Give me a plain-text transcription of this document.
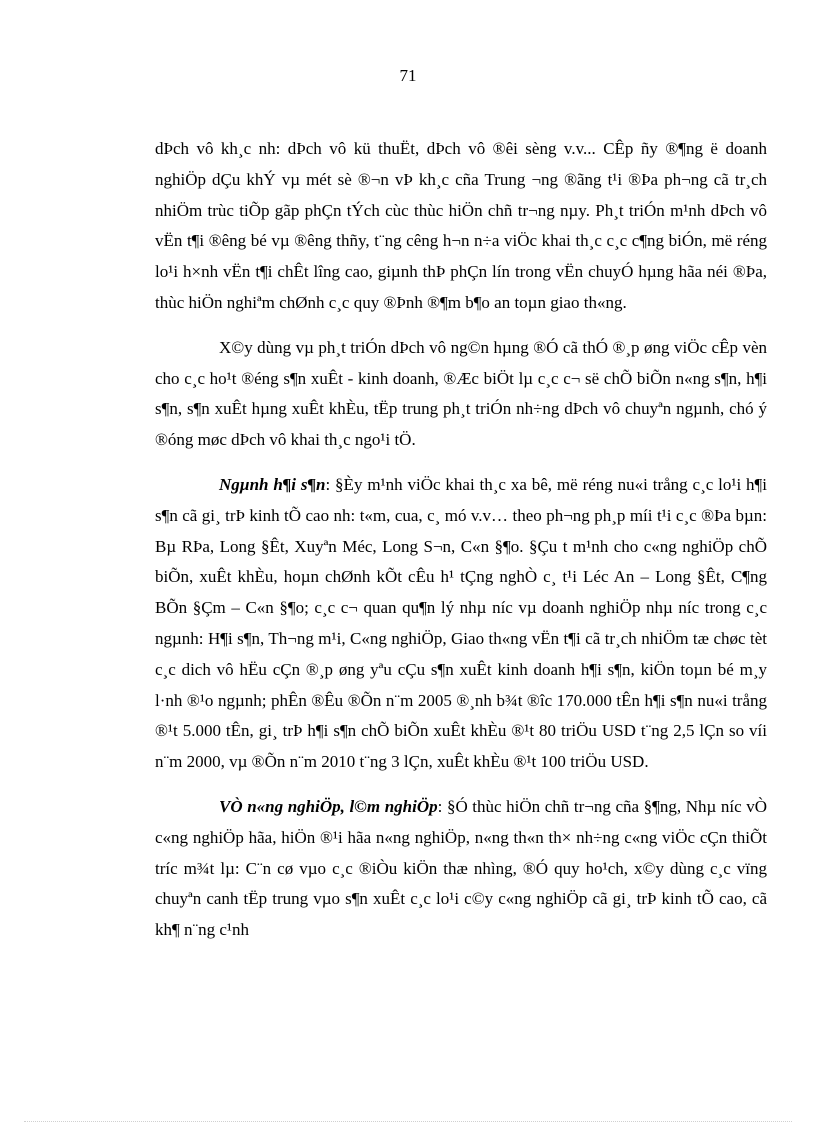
71

dÞch vô kh¸c nh: dÞch vô kü thuËt, dÞch vô ®êi sèng v.v... CÊp ñy ®¶ng ë doanh nghiÖp dÇu khÝ vµ mét sè ®¬n vÞ kh¸c cña Trung ¬ng ®ãng t¹i ®Þa ph¬ng cã tr¸ch nhiÖm trùc tiÕp gãp phÇn tÝch cùc thùc hiÖn chñ tr¬ng nµy. Ph¸t triÓn m¹nh dÞch vô vËn t¶i ®êng bé vµ ®êng thñy, t¨ng cêng h¬n n÷a viÖc khai th¸c c¸c c¶ng biÓn, më réng lo¹i h×nh vËn t¶i chÊt lîng cao, giµnh thÞ phÇn lín trong vËn chuyÓ hµng hãa néi ®Þa, thùc hiÖn nghiªm chØnh c¸c quy ®Þnh ®¶m b¶o an toµn giao th«ng.

X©y dùng vµ ph¸t triÓn dÞch vô ng©n hµng ®Ó cã thÓ ®¸p øng viÖc cÊp vèn cho c¸c ho¹t ®éng s¶n xuÊt - kinh doanh, ®Æc biÖt lµ c¸c c¬ së chÕ biÕn n«ng s¶n, h¶i s¶n, s¶n xuÊt hµng xuÊt khÈu, tËp trung ph¸t triÓn nh÷ng dÞch vô chuyªn ngµnh, chó ý ®óng møc dÞch vô khai th¸c ngo¹i tÖ.

Ngµnh h¶i s¶n: §Èy m¹nh viÖc khai th¸c xa bê, më réng nu«i trång c¸c lo¹i h¶i s¶n cã gi¸ trÞ kinh tÕ cao nh: t«m, cua, c¸ mó v.v… theo ph¬ng ph¸p míi t¹i c¸c ®Þa bµn: Bµ RÞa, Long §Êt, Xuyªn Méc, Long S¬n, C«n §¶o. §Çu t m¹nh cho c«ng nghiÖp chÕ biÕn, xuÊt khÈu, hoµn chØnh kÕt cÊu h¹ tÇng nghÒ c¸ t¹i Léc An – Long §Êt, C¶ng BÕn §Çm – C«n §¶o; c¸c c¬ quan qu¶n lý nhµ níc vµ doanh nghiÖp nhµ níc trong c¸c ngµnh: H¶i s¶n, Th¬ng m¹i, C«ng nghiÖp, Giao th«ng vËn t¶i cã tr¸ch nhiÖm tæ chøc tèt c¸c dich vô hËu cÇn ®¸p øng yªu cÇu s¶n xuÊt kinh doanh h¶i s¶n, kiÖn toµn bé m¸y l·nh ®¹o ngµnh; phÊn ®Êu ®Õn n¨m 2005 ®¸nh b¾t ®îc 170.000 tÊn h¶i s¶n nu«i trång ®¹t 5.000 tÊn, gi¸ trÞ h¶i s¶n chÕ biÕn xuÊt khÈu ®¹t 80 triÖu USD t¨ng 2,5 lÇn so víi n¨m 2000, vµ ®Õn n¨m 2010 t¨ng 3 lÇn, xuÊt khÈu ®¹t 100 triÖu USD.

VÒ n«ng nghiÖp, l©m nghiÖp: §Ó thùc hiÖn chñ tr¬ng cña §¶ng, Nhµ níc vÒ c«ng nghiÖp hãa, hiÖn ®¹i hãa n«ng nghiÖp, n«ng th«n th× nh÷ng c«ng viÖc cÇn thiÕt tríc m¾t lµ: C¨n cø vµo c¸c ®iÒu kiÖn thæ nhìng, ®Ó quy ho¹ch, x©y dùng c¸c vïng chuyªn canh tËp trung vµo s¶n xuÊt c¸c lo¹i c©y c«ng nghiÖp cã gi¸ trÞ kinh tÕ cao, cã kh¶ n¨ng c¹nh
